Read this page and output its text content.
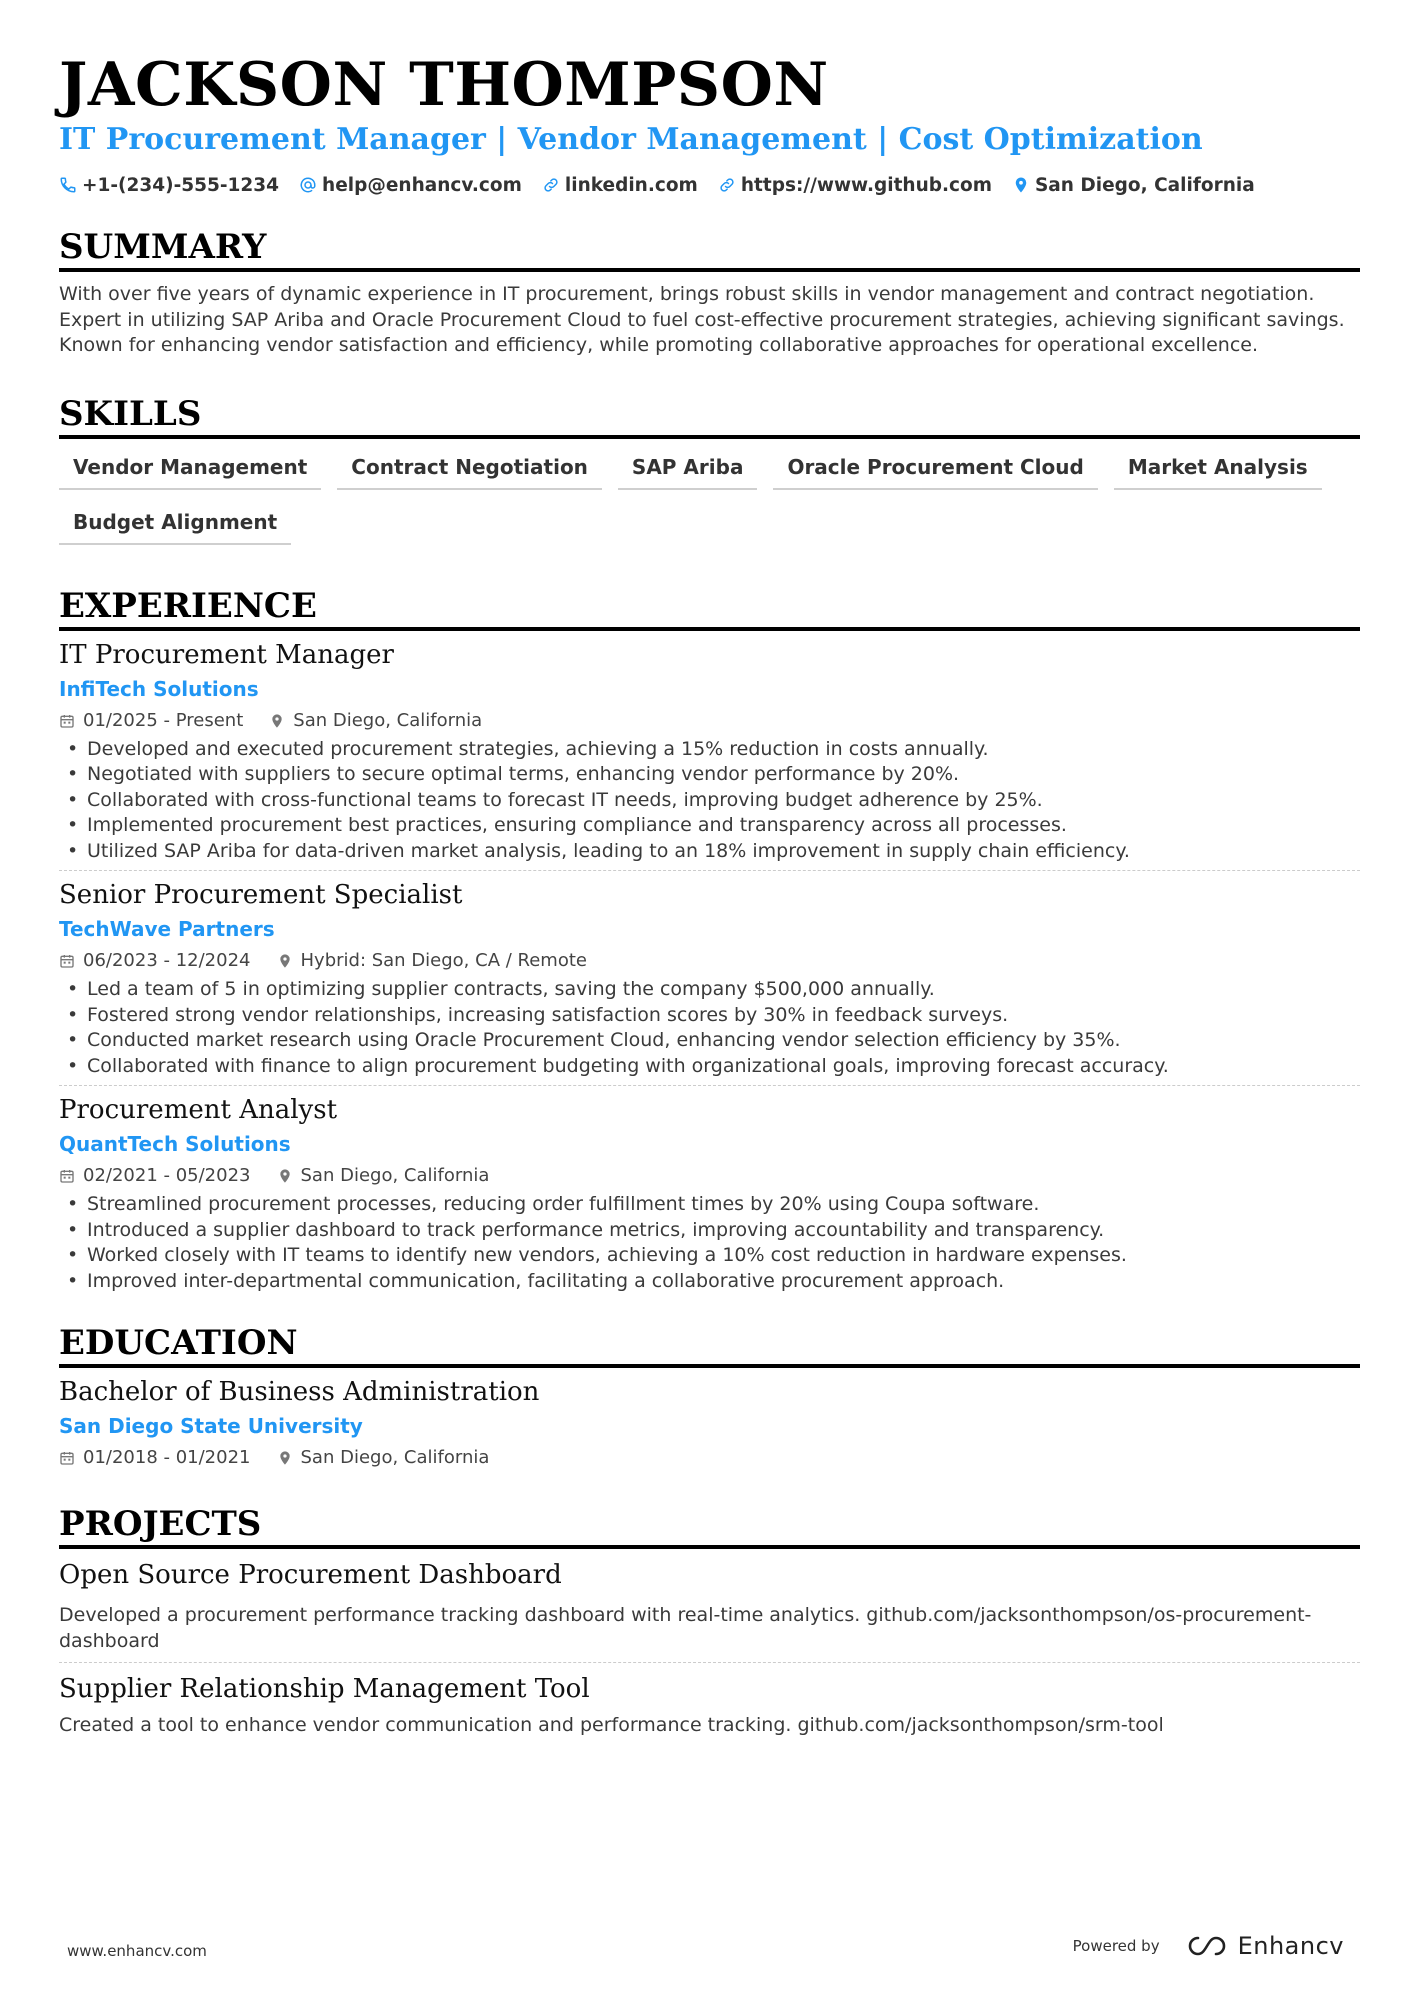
JACKSON THOMPSON
IT Procurement Manager | Vendor Management | Cost Optimization
+1-(234)-555-1234 help@enhancv.com linkedin.com https://www.github.com San Diego, California
SUMMARY
With over five years of dynamic experience in IT procurement, brings robust skills in vendor management and contract negotiation. Expert in utilizing SAP Ariba and Oracle Procurement Cloud to fuel cost-effective procurement strategies, achieving significant savings. Known for enhancing vendor satisfaction and efficiency, while promoting collaborative approaches for operational excellence.
SKILLS
Vendor Management	Contract Negotiation	SAP Ariba	Oracle Procurement Cloud	Market Analysis
Budget Alignment
EXPERIENCE
IT Procurement Manager
InfiTech Solutions
01/2025 - Present	San Diego, California
• Developed and executed procurement strategies, achieving a 15% reduction in costs annually.
• Negotiated with suppliers to secure optimal terms, enhancing vendor performance by 20%.
• Collaborated with cross-functional teams to forecast IT needs, improving budget adherence by 25%.
• Implemented procurement best practices, ensuring compliance and transparency across all processes.
• Utilized SAP Ariba for data-driven market analysis, leading to an 18% improvement in supply chain efficiency.
Senior Procurement Specialist
TechWave Partners
06/2023 - 12/2024	Hybrid: San Diego, CA / Remote
• Led a team of 5 in optimizing supplier contracts, saving the company $500,000 annually.
• Fostered strong vendor relationships, increasing satisfaction scores by 30% in feedback surveys.
• Conducted market research using Oracle Procurement Cloud, enhancing vendor selection efficiency by 35%.
• Collaborated with finance to align procurement budgeting with organizational goals, improving forecast accuracy.
Procurement Analyst
QuantTech Solutions
02/2021 - 05/2023	San Diego, California
• Streamlined procurement processes, reducing order fulfillment times by 20% using Coupa software.
• Introduced a supplier dashboard to track performance metrics, improving accountability and transparency.
• Worked closely with IT teams to identify new vendors, achieving a 10% cost reduction in hardware expenses.
• Improved inter-departmental communication, facilitating a collaborative procurement approach.
EDUCATION
Bachelor of Business Administration
San Diego State University
01/2018 - 01/2021	San Diego, California
PROJECTS
Open Source Procurement Dashboard
Developed a procurement performance tracking dashboard with real-time analytics. github.com/jacksonthompson/os-procurement-dashboard
Supplier Relationship Management Tool
Created a tool to enhance vendor communication and performance tracking. github.com/jacksonthompson/srm-tool
www.enhancv.com	Powered by	Enhancv
